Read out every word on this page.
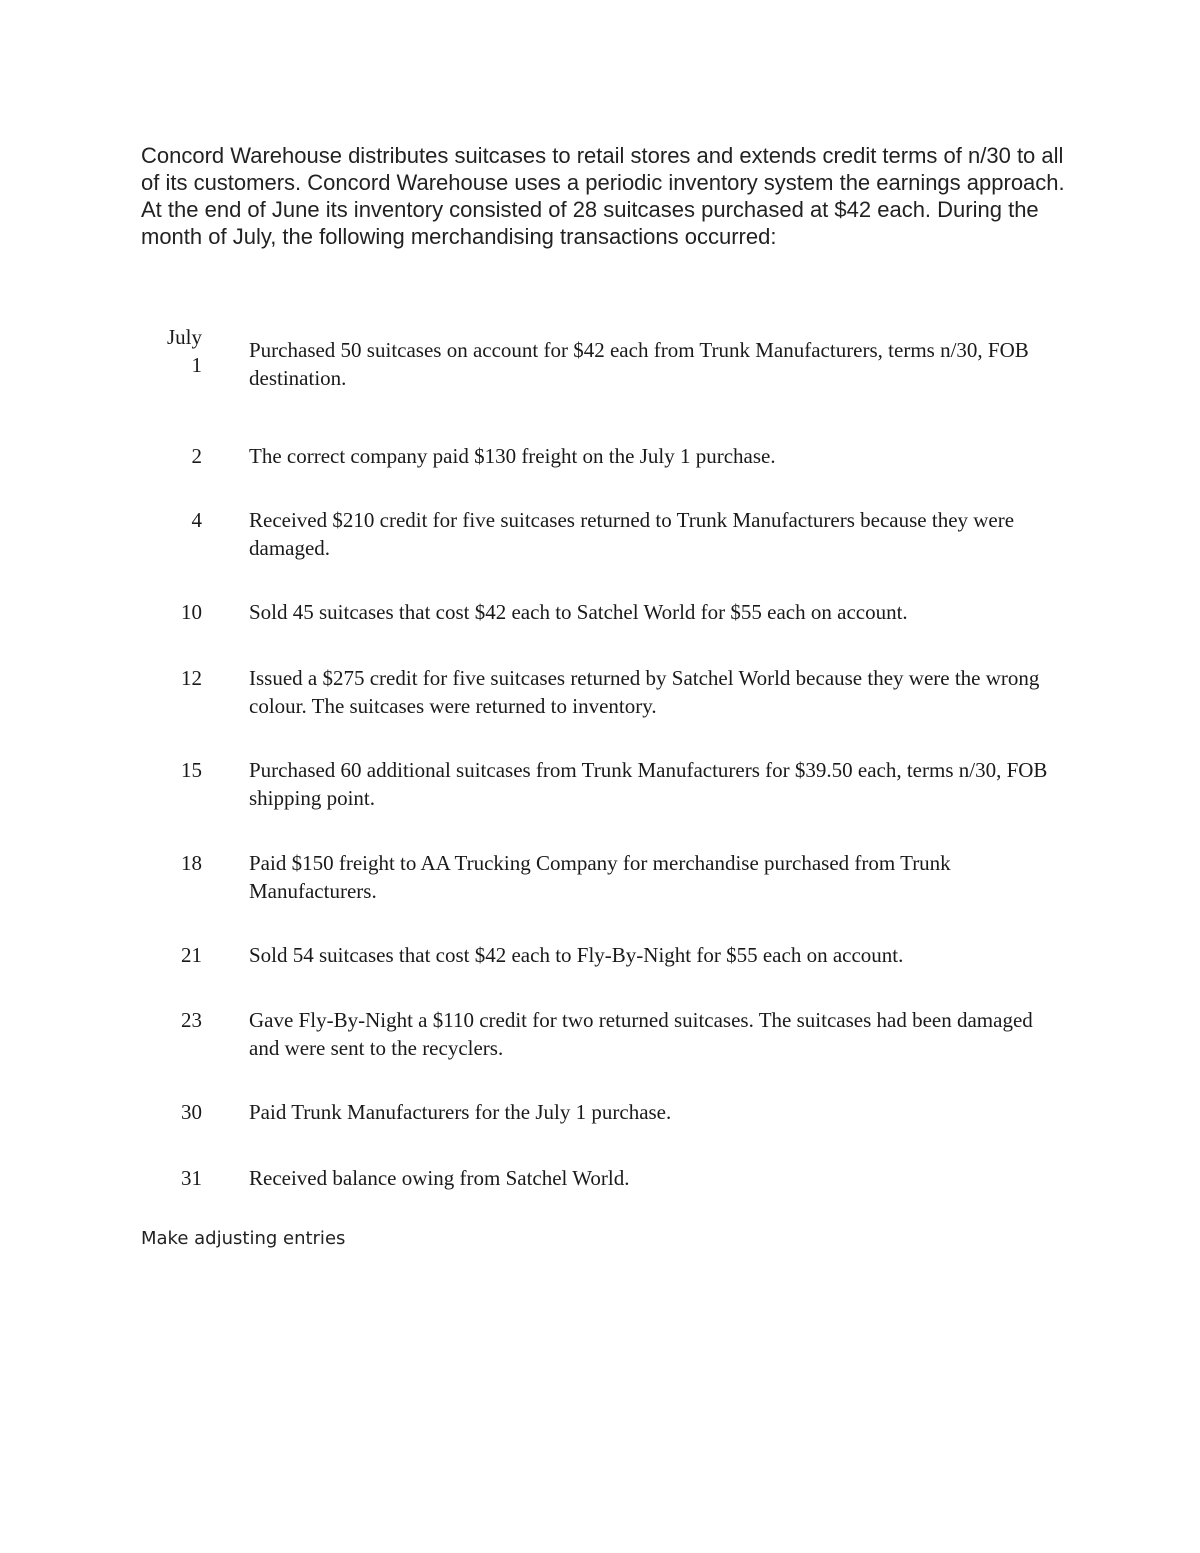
Concord Warehouse distributes suitcases to retail stores and extends credit terms of n/30 to all of its customers. Concord Warehouse uses a periodic inventory system the earnings approach. At the end of June its inventory consisted of 28 suitcases purchased at $42 each. During the month of July, the following merchandising transactions occurred:

July
1
Purchased 50 suitcases on account for $42 each from Trunk Manufacturers, terms n/30, FOB destination.
2 The correct company paid $130 freight on the July 1 purchase.
4 Received $210 credit for five suitcases returned to Trunk Manufacturers because they were damaged.
10 Sold 45 suitcases that cost $42 each to Satchel World for $55 each on account.
12 Issued a $275 credit for five suitcases returned by Satchel World because they were the wrong colour. The suitcases were returned to inventory.
15 Purchased 60 additional suitcases from Trunk Manufacturers for $39.50 each, terms n/30, FOB shipping point.
18 Paid $150 freight to AA Trucking Company for merchandise purchased from Trunk Manufacturers.
21 Sold 54 suitcases that cost $42 each to Fly-By-Night for $55 each on account.
23 Gave Fly-By-Night a $110 credit for two returned suitcases. The suitcases had been damaged and were sent to the recyclers.
30 Paid Trunk Manufacturers for the July 1 purchase.
31 Received balance owing from Satchel World.
Make adjusting entries
